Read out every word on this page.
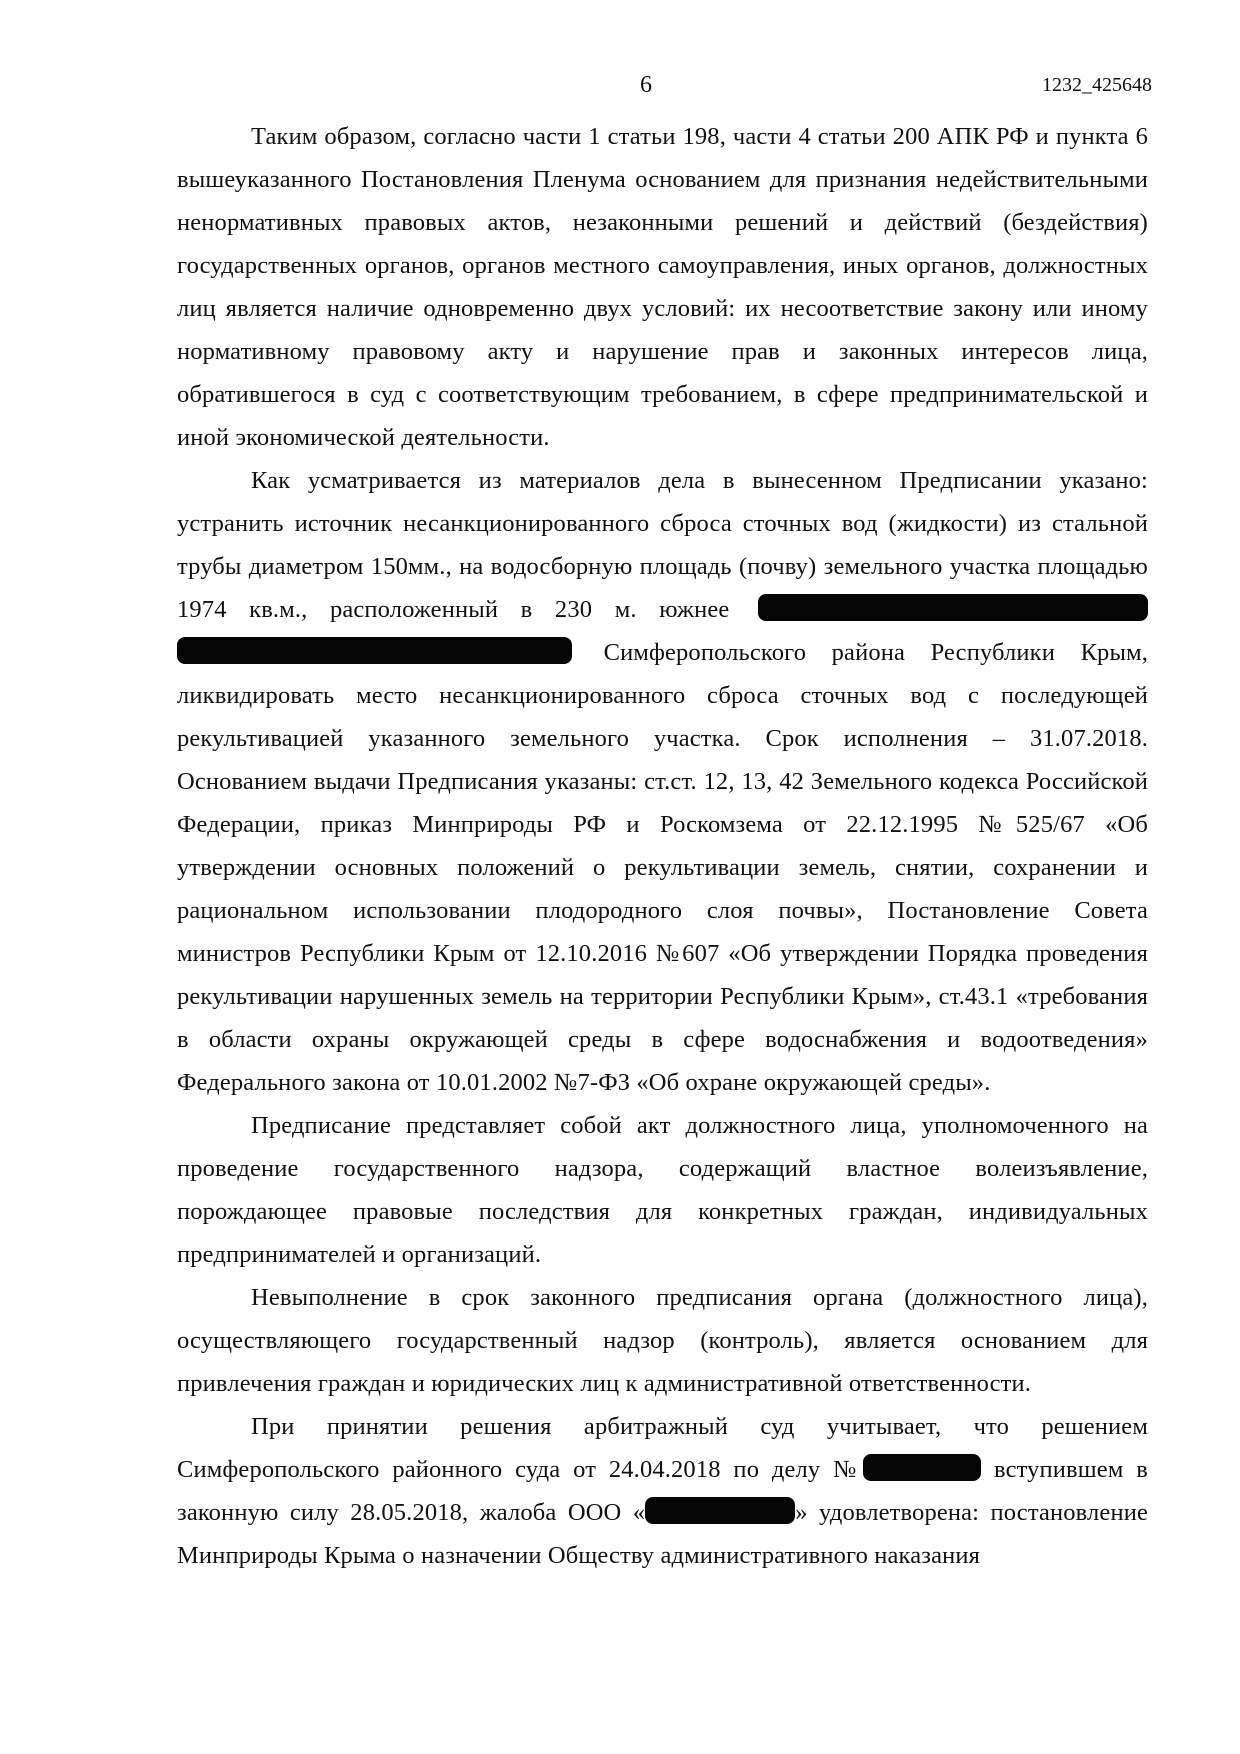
6	1232_425648

Таким образом, согласно части 1 статьи 198, части 4 статьи 200 АПК РФ и пункта 6 вышеуказанного Постановления Пленума основанием для признания недействительными ненормативных правовых актов, незаконными решений и действий (бездействия) государственных органов, органов местного самоуправления, иных органов, должностных лиц является наличие одновременно двух условий: их несоответствие закону или иному нормативному правовому акту и нарушение прав и законных интересов лица, обратившегося в суд с соответствующим требованием, в сфере предпринимательской и иной экономической деятельности.

Как усматривается из материалов дела в вынесенном Предписании указано: устранить источник несанкционированного сброса сточных вод (жидкости) из стальной трубы диаметром 150мм., на водосборную площадь (почву) земельного участка площадью 1974 кв.м., расположенный в 230 м. южнее   Симферопольского района Республики Крым, ликвидировать место несанкционированного сброса сточных вод с последующей рекультивацией указанного земельного участка. Срок исполнения – 31.07.2018. Основанием выдачи Предписания указаны: ст.ст. 12, 13, 42 Земельного кодекса Российской Федерации, приказ Минприроды РФ и Роскомзема от 22.12.1995 №525/67 «Об утверждении основных положений о рекультивации земель, снятии, сохранении и рациональном использовании плодородного слоя почвы», Постановление Совета министров Республики Крым от 12.10.2016 №607 «Об утверждении Порядка проведения рекультивации нарушенных земель на территории Республики Крым», ст.43.1 «требования в области охраны окружающей среды в сфере водоснабжения и водоотведения» Федерального закона от 10.01.2002 №7-ФЗ «Об охране окружающей среды».

Предписание представляет собой акт должностного лица, уполномоченного на проведение государственного надзора, содержащий властное волеизъявление, порождающее правовые последствия для конкретных граждан, индивидуальных предпринимателей и организаций.

Невыполнение в срок законного предписания органа (должностного лица), осуществляющего государственный надзор (контроль), является основанием для привлечения граждан и юридических лиц к административной ответственности.

При принятии решения арбитражный суд учитывает, что решением Симферопольского районного суда от 24.04.2018 по делу №	вступившем в законную силу 28.05.2018, жалоба ООО «	» удовлетворена: постановление Минприроды Крыма о назначении Обществу административного наказания
